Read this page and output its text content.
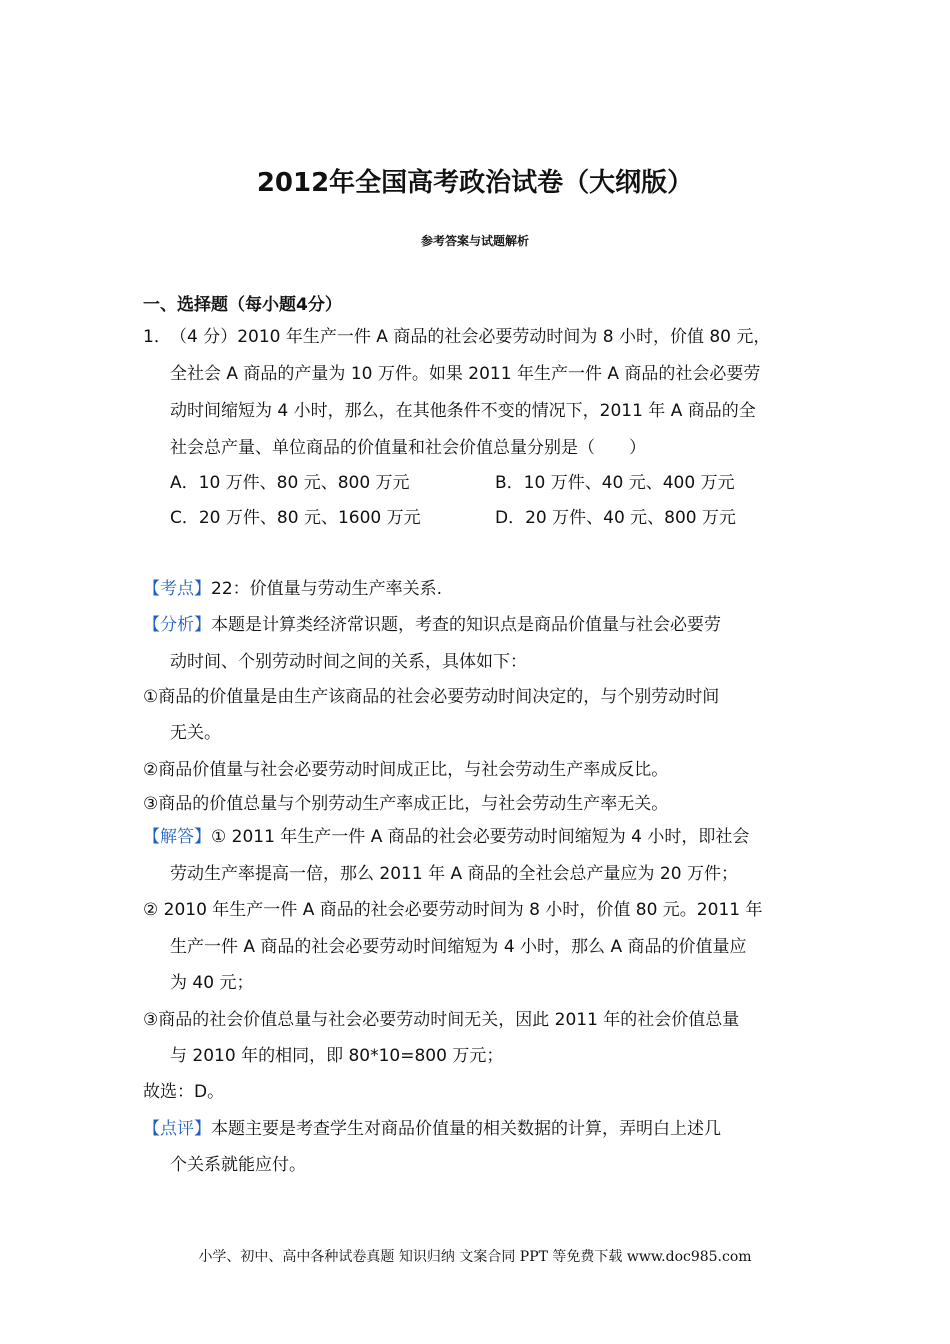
2012年全国高考政治试卷（大纲版）
参考答案与试题解析
一、选择题（每小题4分）
1． （4 分）2010 年生产一件 A 商品的社会必要劳动时间为 8 小时，价值 80 元，
全社会 A 商品的产量为 10 万件。如果 2011 年生产一件 A 商品的社会必要劳
动时间缩短为 4 小时，那么，在其他条件不变的情况下，2011 年 A 商品的全
社会总产量、单位商品的价值量和社会价值总量分别是（　　）
A．10 万件、80 元、800 万元	B．10 万件、40 元、400 万元
C．20 万件、80 元、1600 万元	D．20 万件、40 元、800 万元
【考点】22：价值量与劳动生产率关系.
【分析】本题是计算类经济常识题，考查的知识点是商品价值量与社会必要劳
动时间、个别劳动时间之间的关系，具体如下：
①商品的价值量是由生产该商品的社会必要劳动时间决定的，与个别劳动时间
无关。
②商品价值量与社会必要劳动时间成正比，与社会劳动生产率成反比。
③商品的价值总量与个别劳动生产率成正比，与社会劳动生产率无关。
【解答】① 2011 年生产一件 A 商品的社会必要劳动时间缩短为 4 小时，即社会
劳动生产率提高一倍，那么 2011 年 A 商品的全社会总产量应为 20 万件；
② 2010 年生产一件 A 商品的社会必要劳动时间为 8 小时，价值 80 元。2011 年
生产一件 A 商品的社会必要劳动时间缩短为 4 小时，那么 A 商品的价值量应
为 40 元；
③商品的社会价值总量与社会必要劳动时间无关，因此 2011 年的社会价值总量
与 2010 年的相同，即 80*10=800 万元；
故选：D。
【点评】本题主要是考查学生对商品价值量的相关数据的计算，弄明白上述几
个关系就能应付。
小学、初中、高中各种试卷真题 知识归纳 文案合同 PPT 等免费下载 www.doc985.com
